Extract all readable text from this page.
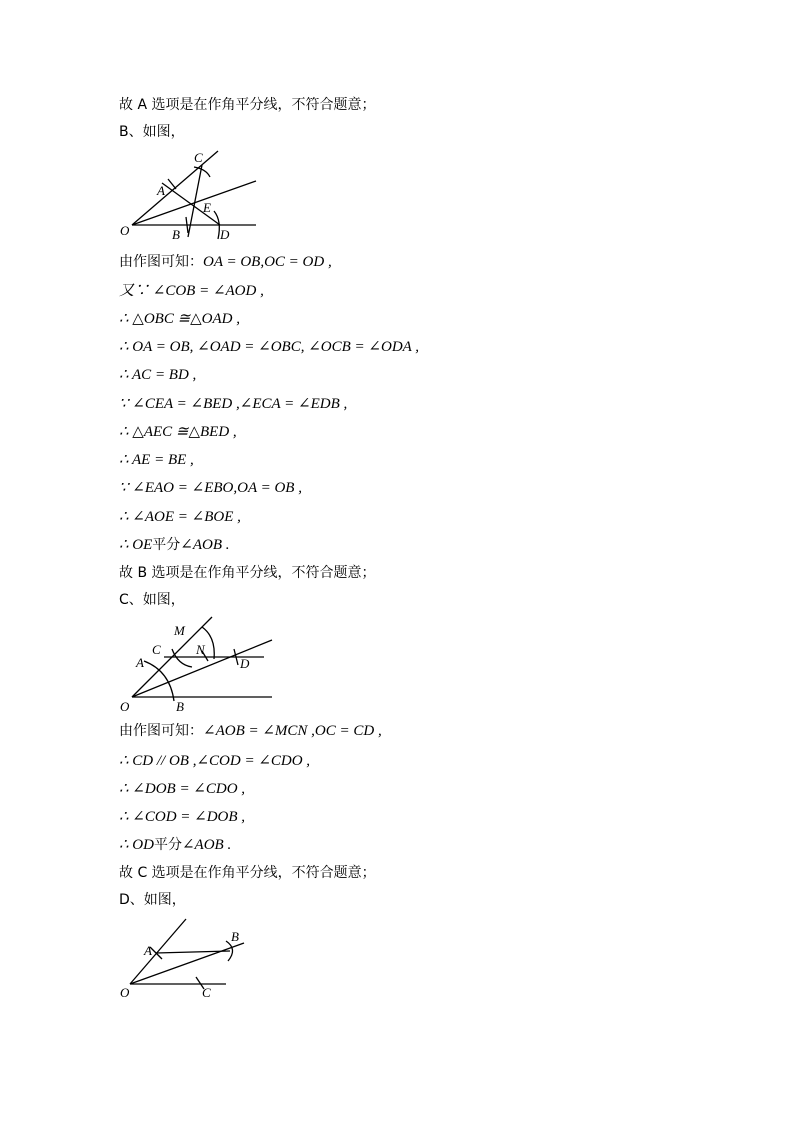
故 A 选项是在作角平分线，不符合题意；
B、如图，
C
A
E
O	B	D
由作图可知：OA = OB,OC = OD ,
又∵ ∠COB = ∠AOD ,
∴ △OBC ≅△OAD ,
∴ OA = OB, ∠OAD = ∠OBC, ∠OCB = ∠ODA ,
∴ AC = BD ,
∵ ∠CEA = ∠BED ,∠ECA = ∠EDB ,
∴ △AEC ≅△BED ,
∴ AE = BE ,
∵ ∠EAO = ∠EBO,OA = OB ,
∴ ∠AOE = ∠BOE ,
∴ OE平分∠AOB .
故 B 选项是在作角平分线，不符合题意；
C、如图，
M
C	N
A	D
O	B
由作图可知：∠AOB = ∠MCN ,OC = CD ,
∴ CD // OB ,∠COD = ∠CDO ,
∴ ∠DOB = ∠CDO ,
∴ ∠COD = ∠DOB ,
∴ OD平分∠AOB .
故 C 选项是在作角平分线，不符合题意；
D、如图，
B
A
O	C
